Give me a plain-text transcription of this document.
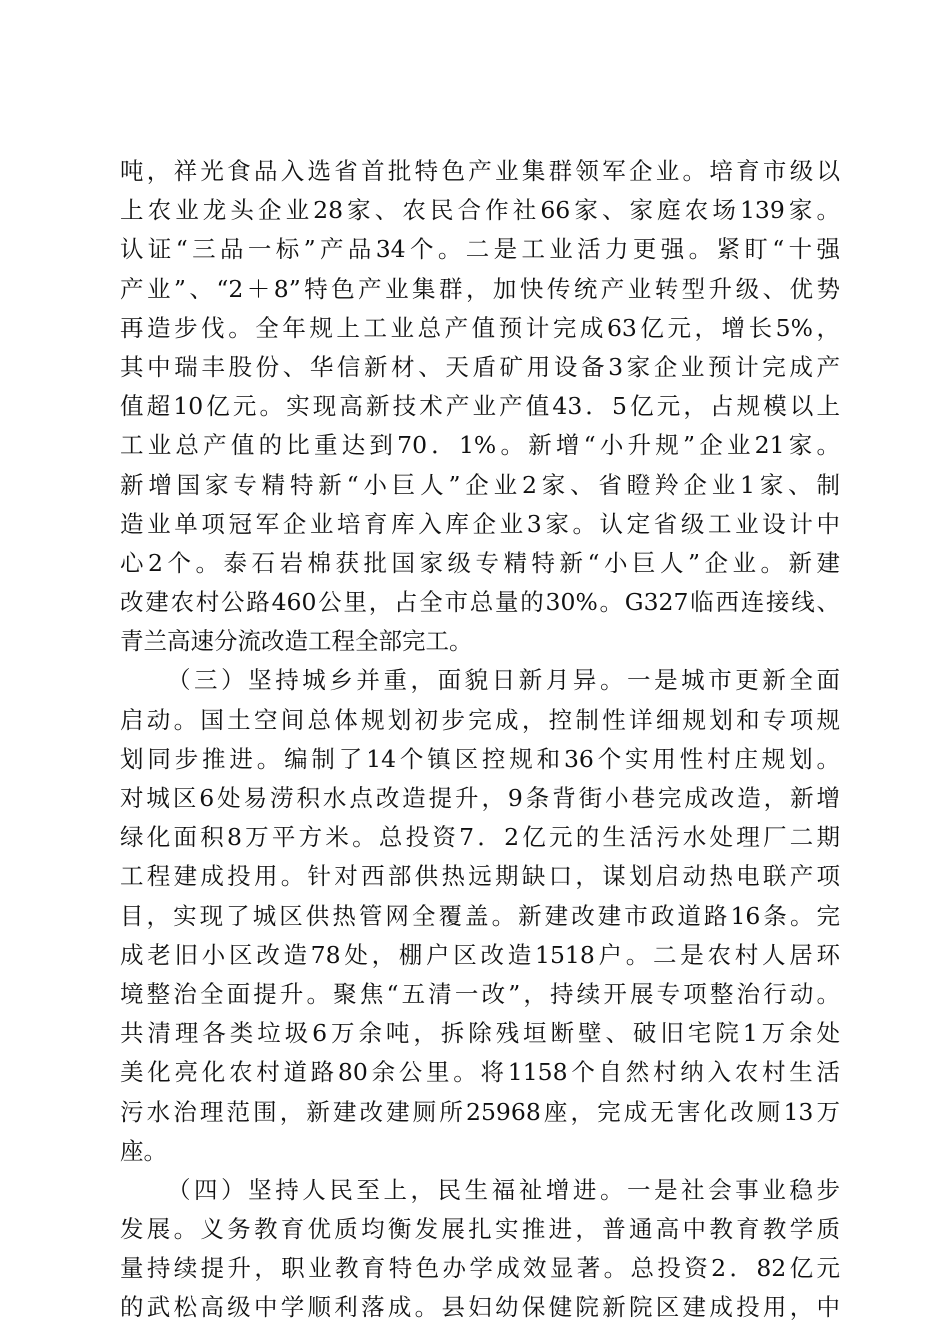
吨，祥光食品入选省首批特色产业集群领军企业。培育市级以
上农业龙头企业28家、农民合作社66家、家庭农场139家。
认证“三品一标”产品34个。二是工业活力更强。紧盯“十强
产业”、“2＋8”特色产业集群，加快传统产业转型升级、优势
再造步伐。全年规上工业总产值预计完成63亿元，增长5%，
其中瑞丰股份、华信新材、天盾矿用设备3家企业预计完成产
值超10亿元。实现高新技术产业产值43．5亿元，占规模以上
工业总产值的比重达到70．1%。新增“小升规”企业21家。
新增国家专精特新“小巨人”企业2家、省瞪羚企业1家、制
造业单项冠军企业培育库入库企业3家。认定省级工业设计中
心2个。泰石岩棉获批国家级专精特新“小巨人”企业。新建
改建农村公路460公里，占全市总量的30%。G327临西连接线、
青兰高速分流改造工程全部完工。
（三）坚持城乡并重，面貌日新月异。一是城市更新全面
启动。国土空间总体规划初步完成，控制性详细规划和专项规
划同步推进。编制了14个镇区控规和36个实用性村庄规划。
对城区6处易涝积水点改造提升，9条背街小巷完成改造，新增
绿化面积8万平方米。总投资7．2亿元的生活污水处理厂二期
工程建成投用。针对西部供热远期缺口，谋划启动热电联产项
目，实现了城区供热管网全覆盖。新建改建市政道路16条。完
成老旧小区改造78处，棚户区改造1518户。二是农村人居环
境整治全面提升。聚焦“五清一改”，持续开展专项整治行动。
共清理各类垃圾6万余吨，拆除残垣断壁、破旧宅院1万余处
美化亮化农村道路80余公里。将1158个自然村纳入农村生活
污水治理范围，新建改建厕所25968座，完成无害化改厕13万
座。
（四）坚持人民至上，民生福祉增进。一是社会事业稳步
发展。义务教育优质均衡发展扎实推进，普通高中教育教学质
量持续提升，职业教育特色办学成效显著。总投资2．82亿元
的武松高级中学顺利落成。县妇幼保健院新院区建成投用，中
